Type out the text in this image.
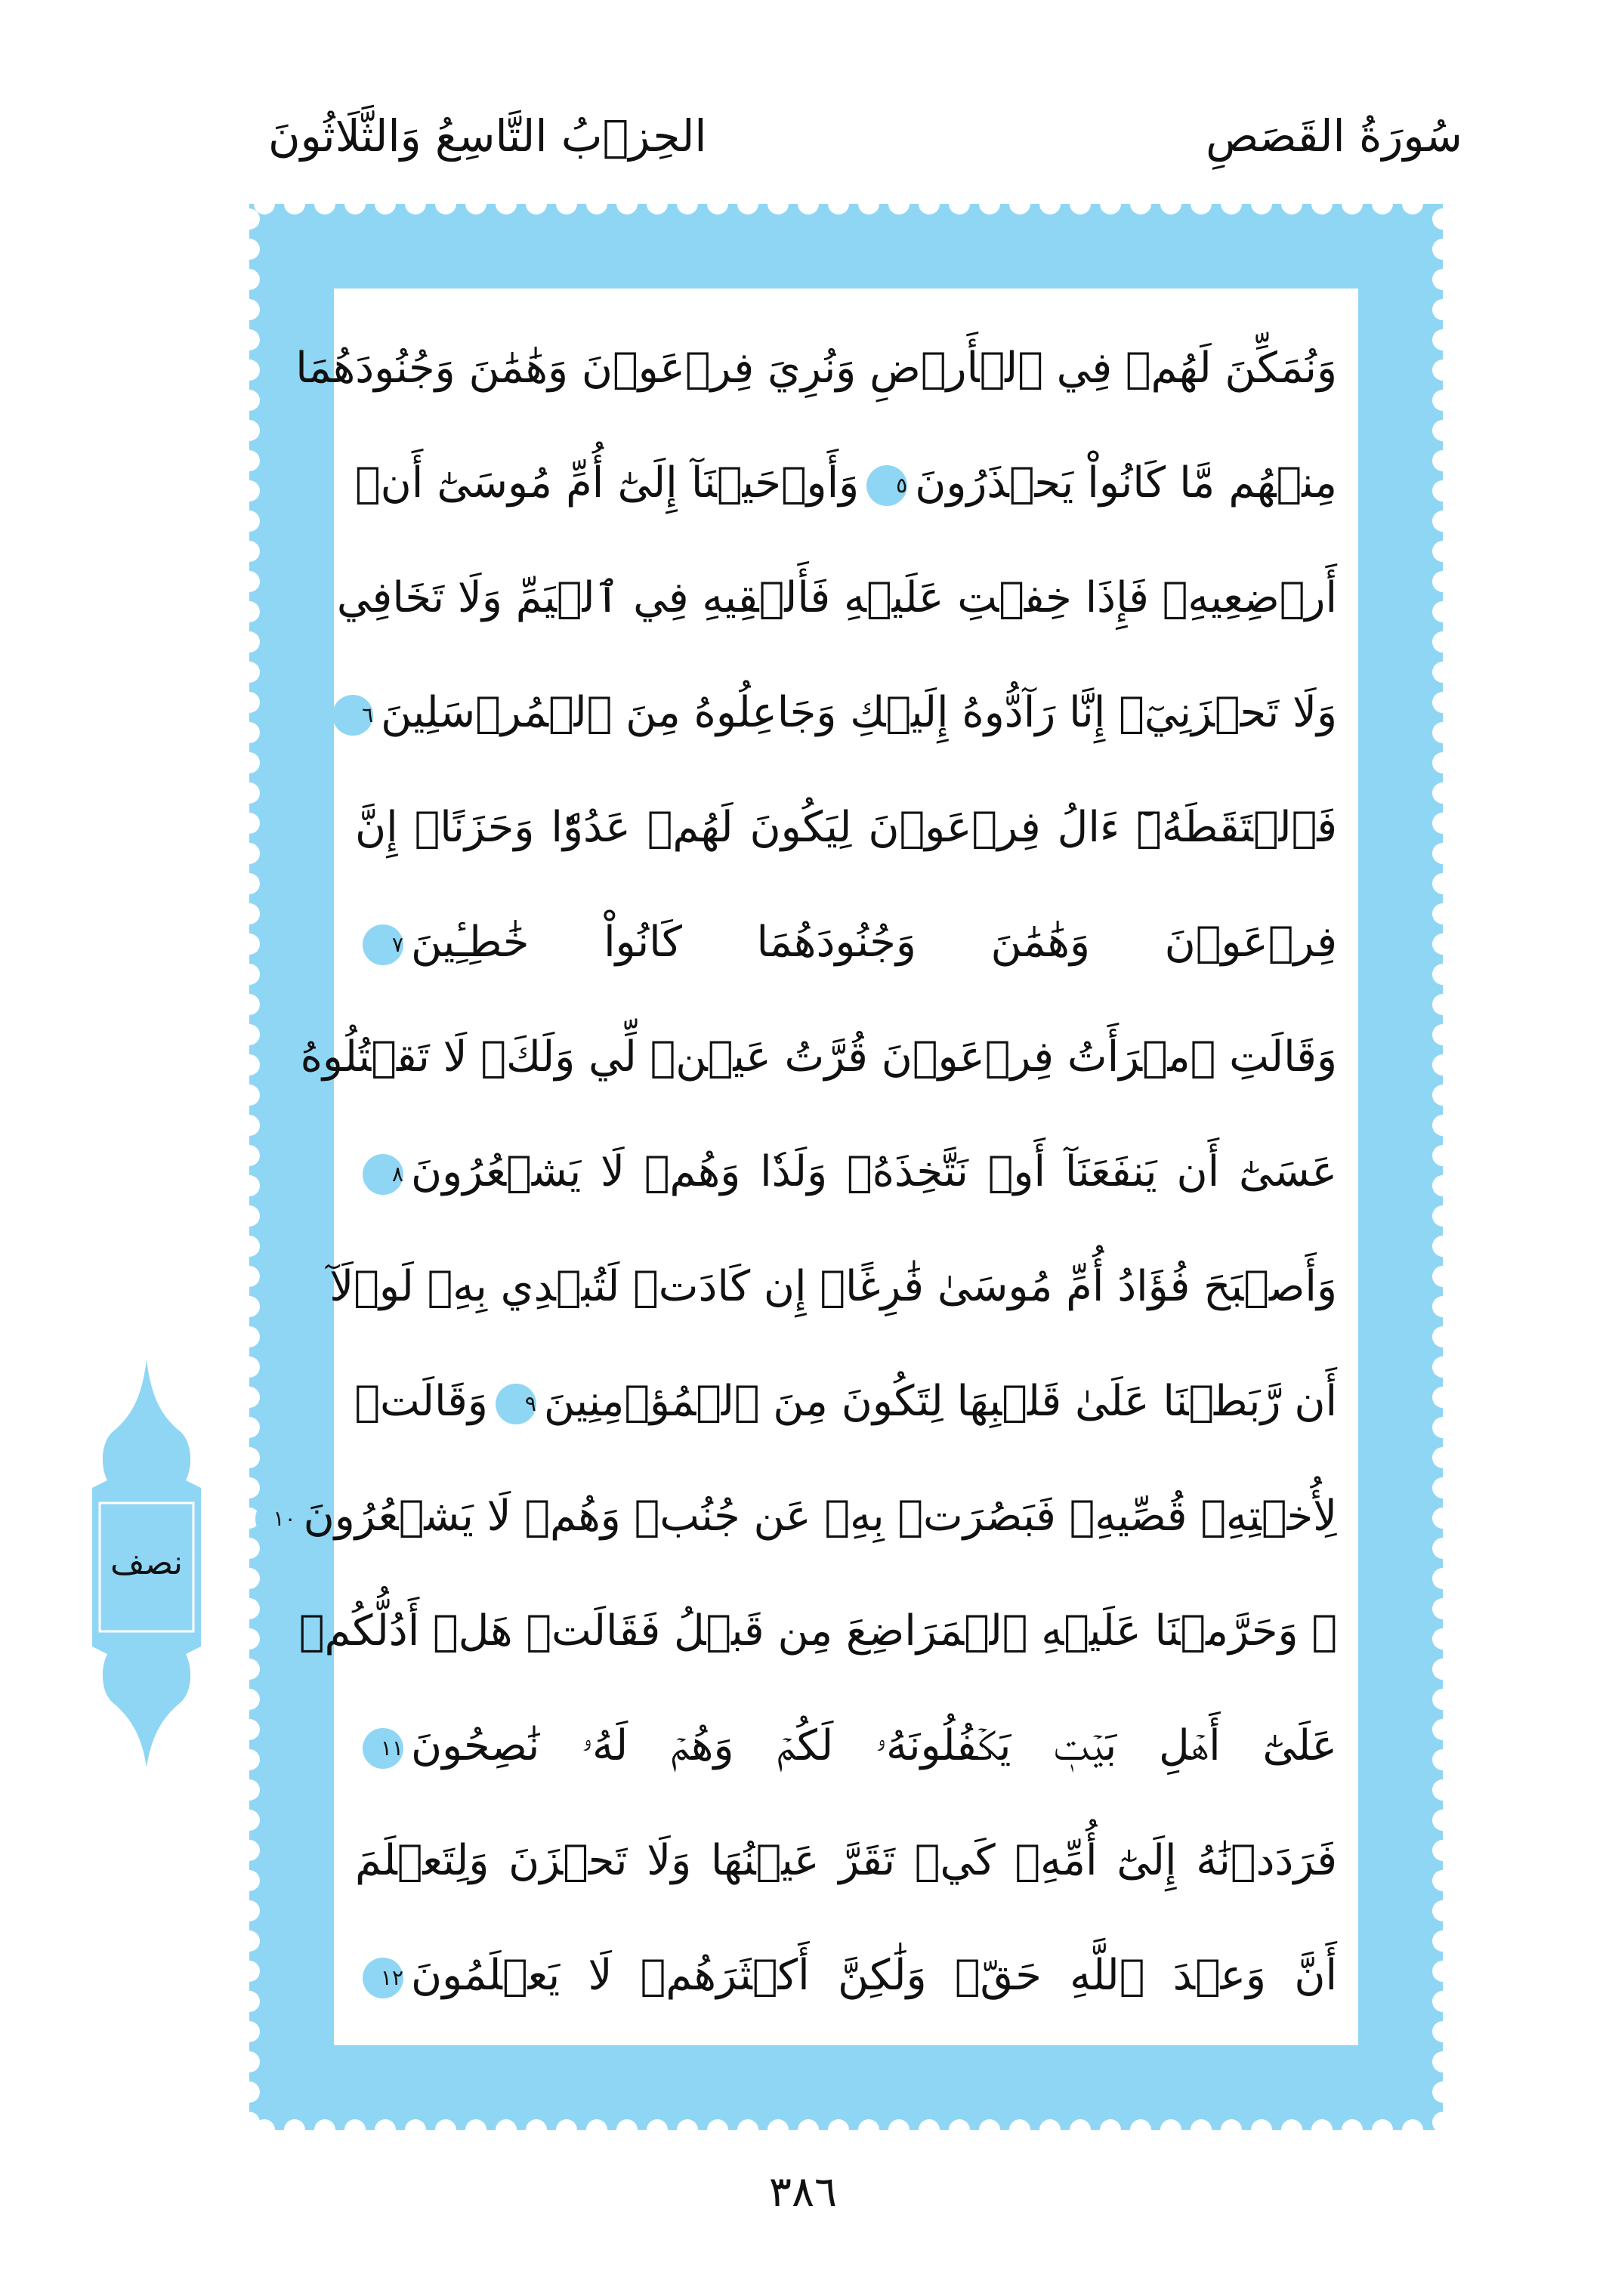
سُورَةُ القَصَصِ
الحِزۡبُ التَّاسِعُ وَالثَّلَاثُونَ
وَنُمَكِّنَ لَهُمۡ فِي ٱلۡأَرۡضِ وَنُرِيَ فِرۡعَوۡنَ وَهَٰمَٰنَ وَجُنُودَهُمَا
مِنۡهُم مَّا كَانُواْ يَحۡذَرُونَ٥وَأَوۡحَيۡنَآ إِلَىٰٓ أُمِّ مُوسَىٰٓ أَنۡ
أَرۡضِعِيهِۖ فَإِذَا خِفۡتِ عَلَيۡهِ فَأَلۡقِيهِ فِي ٱلۡيَمِّ وَلَا تَخَافِي
وَلَا تَحۡزَنِيٓۖ إِنَّا رَآدُّوهُ إِلَيۡكِ وَجَاعِلُوهُ مِنَ ٱلۡمُرۡسَلِينَ٦
فَٱلۡتَقَطَهُۥٓ ءَالُ فِرۡعَوۡنَ لِيَكُونَ لَهُمۡ عَدُوّٗا وَحَزَنًاۗ إِنَّ
فِرۡعَوۡنَ وَهَٰمَٰنَ وَجُنُودَهُمَا كَانُواْ خَٰطِـِٔينَ٧
وَقَالَتِ ٱمۡرَأَتُ فِرۡعَوۡنَ قُرَّتُ عَيۡنٖ لِّي وَلَكَۖ لَا تَقۡتُلُوهُ
عَسَىٰٓ أَن يَنفَعَنَآ أَوۡ نَتَّخِذَهُۥ وَلَدٗا وَهُمۡ لَا يَشۡعُرُونَ٨
وَأَصۡبَحَ فُؤَادُ أُمِّ مُوسَىٰ فَٰرِغًاۖ إِن كَادَتۡ لَتُبۡدِي بِهِۦ لَوۡلَآ
أَن رَّبَطۡنَا عَلَىٰ قَلۡبِهَا لِتَكُونَ مِنَ ٱلۡمُؤۡمِنِينَ٩وَقَالَتۡ
لِأُخۡتِهِۦ قُصِّيهِۖ فَبَصُرَتۡ بِهِۦ عَن جُنُبٖ وَهُمۡ لَا يَشۡعُرُونَ١٠
۞ وَحَرَّمۡنَا عَلَيۡهِ ٱلۡمَرَاضِعَ مِن قَبۡلُ فَقَالَتۡ هَلۡ أَدُلُّكُمۡ
عَلَىٰٓ أَهۡلِ بَيۡتٖ يَكۡفُلُونَهُۥ لَكُمۡ وَهُمۡ لَهُۥ نَٰصِحُونَ١١
فَرَدَدۡنَٰهُ إِلَىٰٓ أُمِّهِۦ كَيۡ تَقَرَّ عَيۡنُهَا وَلَا تَحۡزَنَ وَلِتَعۡلَمَ
أَنَّ وَعۡدَ ٱللَّهِ حَقّٞ وَلَٰكِنَّ أَكۡثَرَهُمۡ لَا يَعۡلَمُونَ١٢
نصف
٣٨٦
